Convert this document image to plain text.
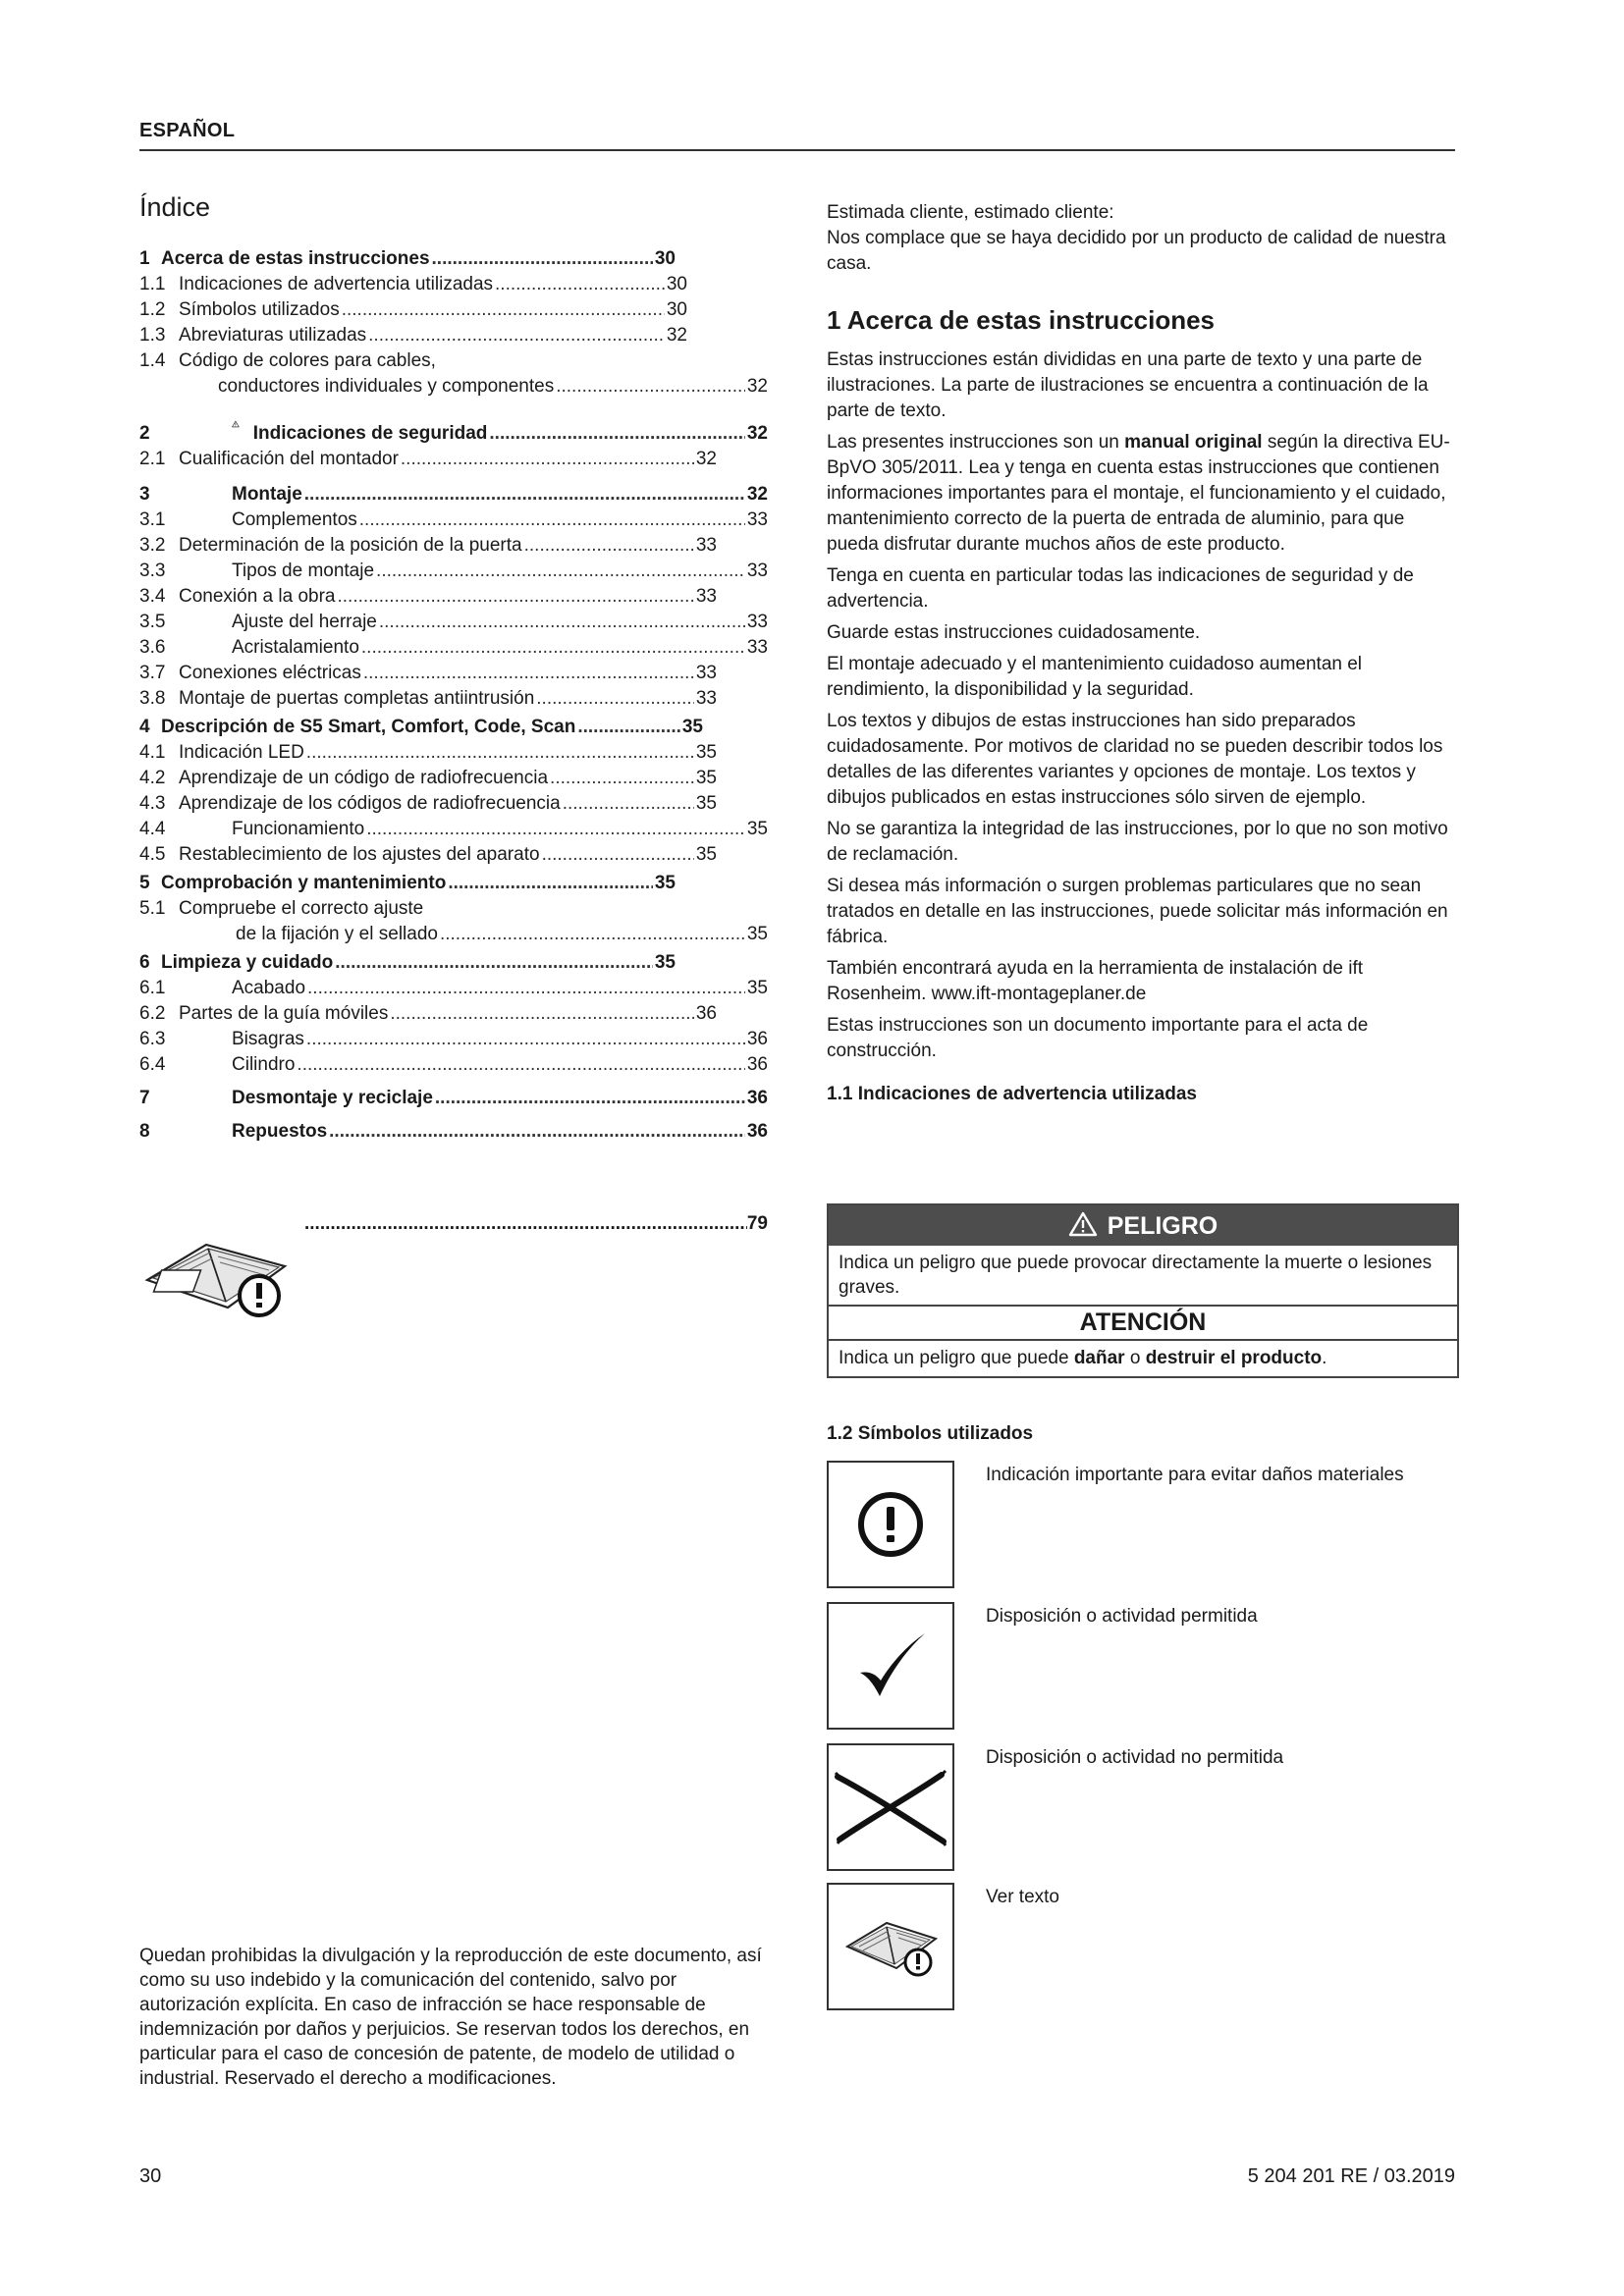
ESPAÑOL
Índice
1 Acerca de estas instrucciones .....	30
1.1 Indicaciones de advertencia utilizadas .....	30
1.2 Símbolos utilizados .....	30
1.3 Abreviaturas utilizadas .....	32
1.4 Código de colores para cables,
conductores individuales y componentes .....	32
2	Indicaciones de seguridad .....	32
2.1 Cualificación del montador .....	32
3	Montaje .....	32
3.1	Complementos .....	33
3.2 Determinación de la posición de la puerta .....	33
3.3	Tipos de montaje .....	33
3.4 Conexión a la obra .....	33
3.5	Ajuste del herraje .....	33
3.6	Acristalamiento .....	33
3.7 Conexiones eléctricas .....	33
3.8 Montaje de puertas completas antiintrusión .....	33
4 Descripción de S5 Smart, Comfort, Code, Scan .....	35
4.1 Indicación LED .....	35
4.2 Aprendizaje de un código de radiofrecuencia .....	35
4.3 Aprendizaje de los códigos de radiofrecuencia .....	35
4.4	Funcionamiento .....	35
4.5 Restablecimiento de los ajustes del aparato .....	35
5 Comprobación y mantenimiento .....	35
5.1 Compruebe el correcto ajuste
de la fijación y el sellado .....	35
6 Limpieza y cuidado .....	35
6.1	Acabado .....	35
6.2 Partes de la guía móviles .....	36
6.3	Bisagras .....	36
6.4	Cilindro .....	36
7	Desmontaje y reciclaje .....	36
8	Repuestos .....	36
.....
79
Quedan prohibidas la divulgación y la reproducción de este documento, así como su uso indebido y la comunicación del contenido, salvo por autorización explícita. En caso de infracción se hace responsable de indemnización por daños y perjuicios. Se reservan todos los derechos, en particular para el caso de concesión de patente, de modelo de utilidad o industrial. Reservado el derecho a modificaciones.

Estimada cliente, estimado cliente:

Nos complace que se haya decidido por un producto de calidad de nuestra casa.

1 Acerca de estas instrucciones

Estas instrucciones están divididas en una parte de texto y una parte de ilustraciones. La parte de ilustraciones se encuentra a continuación de la parte de texto.

Las presentes instrucciones son un manual original según la directiva EU-BpVO 305/2011. Lea y tenga en cuenta estas instrucciones que contienen informaciones importantes para el montaje, el funcionamiento y el cuidado, mantenimiento correcto de la puerta de entrada de aluminio, para que pueda disfrutar durante muchos años de este producto.

Tenga en cuenta en particular todas las indicaciones de seguridad y de advertencia.

Guarde estas instrucciones cuidadosamente.

El montaje adecuado y el mantenimiento cuidadoso aumentan el rendimiento, la disponibilidad y la seguridad.

Los textos y dibujos de estas instrucciones han sido preparados cuidadosamente. Por motivos de claridad no se pueden describir todos los detalles de las diferentes variantes y opciones de montaje. Los textos y dibujos publicados en estas instrucciones sólo sirven de ejemplo.

No se garantiza la integridad de las instrucciones, por lo que no son motivo de reclamación.

Si desea más información o surgen problemas particulares que no sean tratados en detalle en las instrucciones, puede solicitar más información en fábrica.

También encontrará ayuda en la herramienta de instalación de ift Rosenheim. www.ift-montageplaner.de

Estas instrucciones son un documento importante para el acta de construcción.

1.1 Indicaciones de advertencia utilizadas
PELIGRO
Indica un peligro que puede provocar directamente la muerte o lesiones graves.
ATENCIÓN
Indica un peligro que puede dañar o destruir el producto.
1.2 Símbolos utilizados
Indicación importante para evitar daños materiales
Disposición o actividad permitida
Disposición o actividad no permitida
Ver texto
30	5 204 201 RE / 03.2019
